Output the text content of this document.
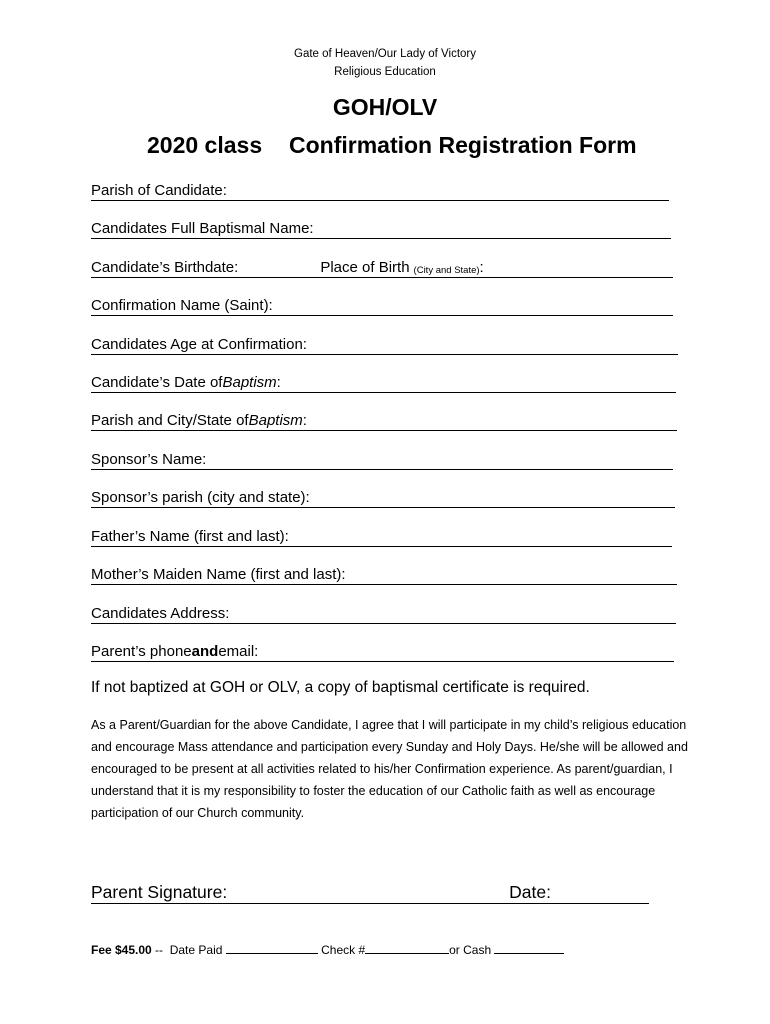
Gate of Heaven/Our Lady of Victory
Religious Education
GOH/OLV
2020 class Confirmation Registration Form
Parish of Candidate:
Candidates Full Baptismal Name:
Candidate’s Birthdate:	Place of Birth (City and State) :
Confirmation Name (Saint):
Candidates Age at Confirmation:
Candidate’s Date of Baptism :
Parish and City/State of Baptism :
Sponsor’s Name:
Sponsor’s parish (city and state):
Father’s Name (first and last):
Mother’s Maiden Name (first and last):
Candidates Address:
Parent’s phone and email:
If not baptized at GOH or OLV, a copy of baptismal certificate is required.
As a Parent/Guardian for the above Candidate, I agree that I will participate in my child’s religious education and encourage Mass attendance and participation every Sunday and Holy Days. He/she will be allowed and encouraged to be present at all activities related to his/her Confirmation experience. As parent/guardian, I understand that it is my responsibility to foster the education of our Catholic faith as well as encourage participation of our Church community.
Parent Signature:	Date:
Fee $45.00 --  Date Paid	Check #	or Cash
